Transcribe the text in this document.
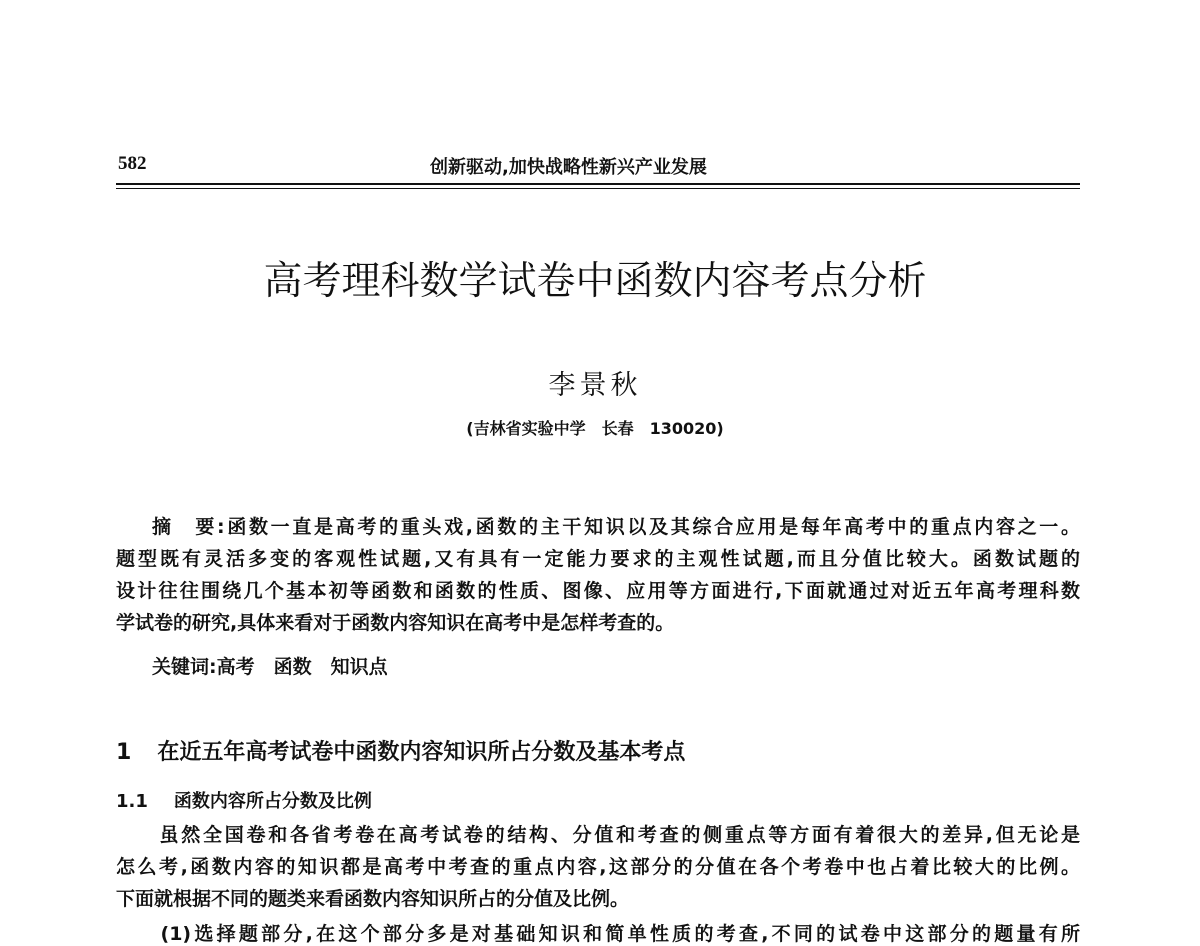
582	创新驱动,加快战略性新兴产业发展
高考理科数学试卷中函数内容考点分析
李景秋
(吉林省实验中学　长春　130020)
摘　要:函数一直是高考的重头戏,函数的主干知识以及其综合应用是每年高考中的重点内容之一。
题型既有灵活多变的客观性试题,又有具有一定能力要求的主观性试题,而且分值比较大。函数试题的
设计往往围绕几个基本初等函数和函数的性质、图像、应用等方面进行,下面就通过对近五年高考理科数
学试卷的研究,具体来看对于函数内容知识在高考中是怎样考查的。
关键词:高考　函数　知识点
1 在近五年高考试卷中函数内容知识所占分数及基本考点
1.1 函数内容所占分数及比例
　　虽然全国卷和各省考卷在高考试卷的结构、分值和考查的侧重点等方面有着很大的差异,但无论是
怎么考,函数内容的知识都是高考中考查的重点内容,这部分的分值在各个考卷中也占着比较大的比例。
下面就根据不同的题类来看函数内容知识所占的分值及比例。
　　(1)选择题部分,在这个部分多是对基础知识和简单性质的考查,不同的试卷中这部分的题量有所
